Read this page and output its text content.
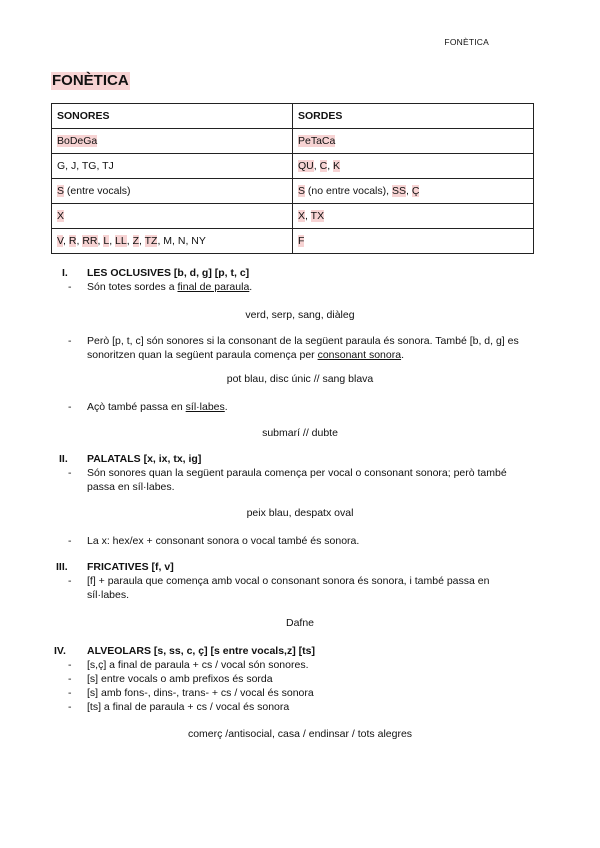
FONÈTICA
FONÈTICA
SONORES	SORDES
BoDeGa	PeTaCa
G, J, TG, TJ	QU, C, K
S (entre vocals)	S (no entre vocals), SS, Ç
X	X, TX
V, R, RR, L, LL, Z, TZ, M, N, NY	F
I.	LES OCLUSIVES [b, d, g] [p, t, c]
- Són totes sordes a final de paraula.
verd, serp, sang, diàleg
- Però [p, t, c] són sonores si la consonant de la següent paraula és sonora. També [b, d, g] es sonoritzen quan la següent paraula comença per consonant sonora.
pot blau, disc únic // sang blava
- Açò també passa en síl·labes.
submarí // dubte
II.	PALATALS [x, ix, tx, ig]
- Són sonores quan la següent paraula comença per vocal o consonant sonora; però també passa en síl·labes.
peix blau, despatx oval
- La x: hex/ex + consonant sonora o vocal també és sonora.
III.	FRICATIVES [f, v]
- [f] + paraula que comença amb vocal o consonant sonora és sonora, i també passa en síl·labes.
Dafne
IV.	ALVEOLARS [s, ss, c, ç] [s entre vocals,z] [ts]
- [s,ç] a final de paraula + cs / vocal són sonores.
- [s] entre vocals o amb prefixos és sorda
- [s] amb fons-, dins-, trans- + cs / vocal és sonora
- [ts] a final de paraula + cs / vocal és sonora
comerç /antisocial, casa / endinsar / tots alegres
